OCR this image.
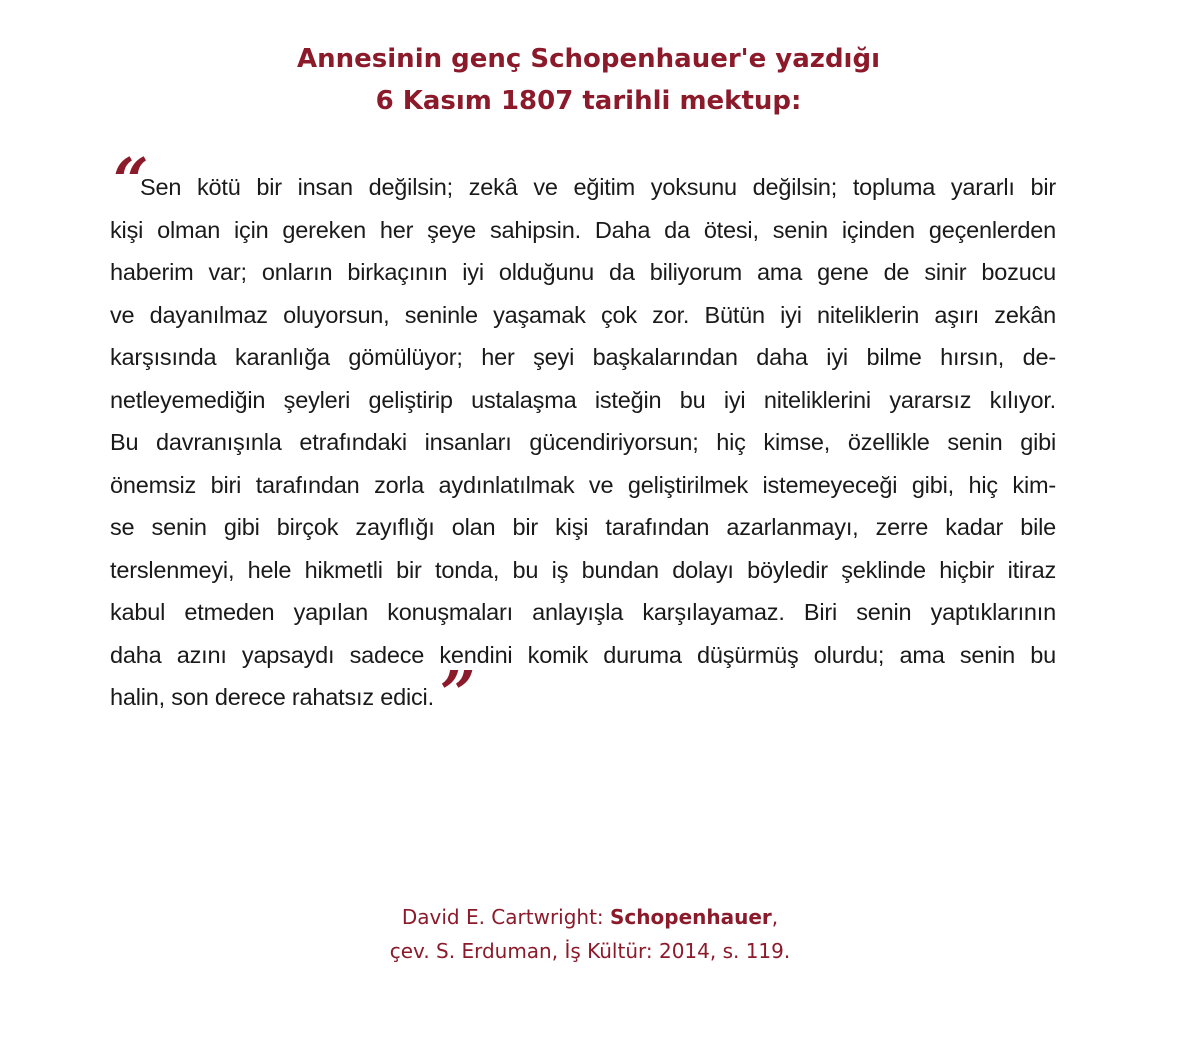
Annesinin genç Schopenhauer'e yazdığı
6 Kasım 1807 tarihli mektup:
“
Sen kötü bir insan değilsin; zekâ ve eğitim yoksunu değilsin; topluma yararlı bir
kişi olman için gereken her şeye sahipsin. Daha da ötesi, senin içinden geçenlerden
haberim var; onların birkaçının iyi olduğunu da biliyorum ama gene de sinir bozucu
ve dayanılmaz oluyorsun, seninle yaşamak çok zor. Bütün iyi niteliklerin aşırı zekân
karşısında karanlığa gömülüyor; her şeyi başkalarından daha iyi bilme hırsın, de-
netleyemediğin şeyleri geliştirip ustalaşma isteğin bu iyi niteliklerini yararsız kılıyor.
Bu davranışınla etrafındaki insanları gücendiriyorsun; hiç kimse, özellikle senin gibi
önemsiz biri tarafından zorla aydınlatılmak ve geliştirilmek istemeyeceği gibi, hiç kim-
se senin gibi birçok zayıflığı olan bir kişi tarafından azarlanmayı, zerre kadar bile
terslenmeyi, hele hikmetli bir tonda, bu iş bundan dolayı böyledir şeklinde hiçbir itiraz
kabul etmeden yapılan konuşmaları anlayışla karşılayamaz. Biri senin yaptıklarının
daha azını yapsaydı sadece kendini komik duruma düşürmüş olurdu; ama senin bu
halin, son derece rahatsız edici.”
David E. Cartwright: Schopenhauer,
çev. S. Erduman, İş Kültür: 2014, s. 119.
